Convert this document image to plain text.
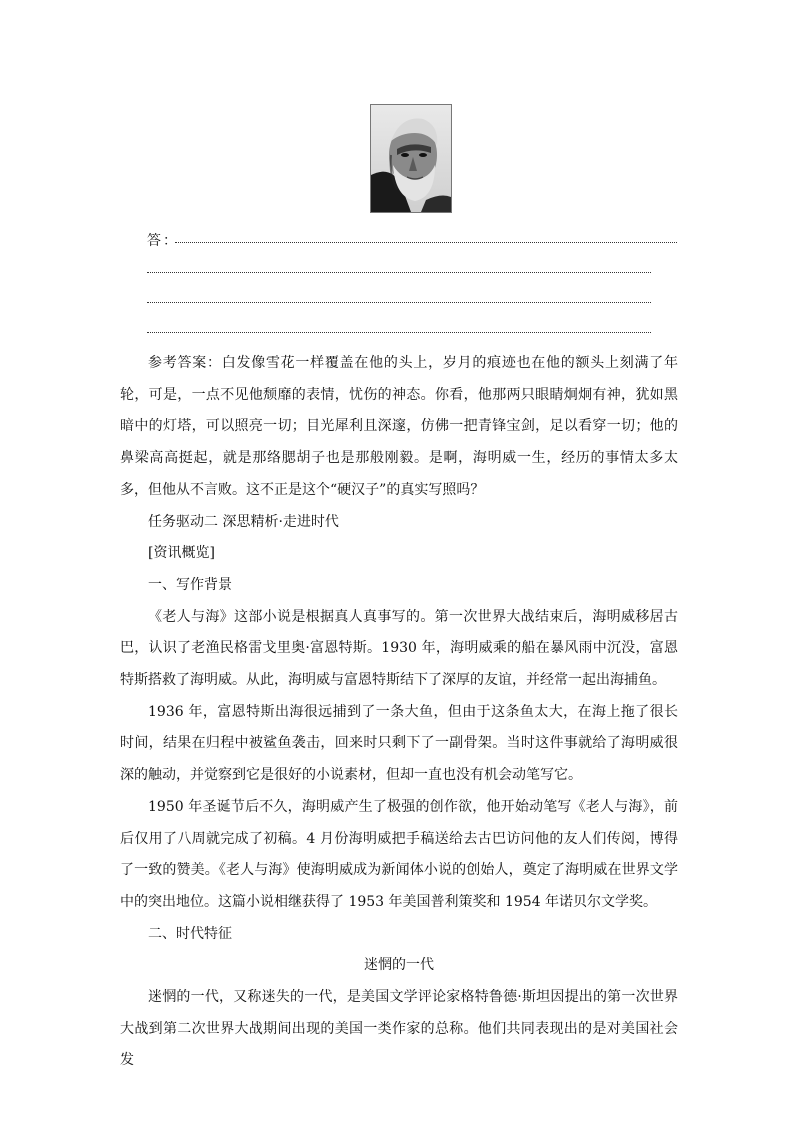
答：

参考答案：白发像雪花一样覆盖在他的头上，岁月的痕迹也在他的额头上刻满了年轮，可是，一点不见他颓靡的表情，忧伤的神态。你看，他那两只眼睛炯炯有神，犹如黑暗中的灯塔，可以照亮一切；目光犀利且深邃，仿佛一把青锋宝剑，足以看穿一切；他的鼻梁高高挺起，就是那络腮胡子也是那般刚毅。是啊，海明威一生，经历的事情太多太多，但他从不言败。这不正是这个“硬汉子”的真实写照吗？

任务驱动二 深思精析·走进时代

[资讯概览]

一、写作背景

《老人与海》这部小说是根据真人真事写的。第一次世界大战结束后，海明威移居古巴，认识了老渔民格雷戈里奥·富恩特斯。1930 年，海明威乘的船在暴风雨中沉没，富恩特斯搭救了海明威。从此，海明威与富恩特斯结下了深厚的友谊，并经常一起出海捕鱼。

1936 年，富恩特斯出海很远捕到了一条大鱼，但由于这条鱼太大，在海上拖了很长时间，结果在归程中被鲨鱼袭击，回来时只剩下了一副骨架。当时这件事就给了海明威很深的触动，并觉察到它是很好的小说素材，但却一直也没有机会动笔写它。

1950 年圣诞节后不久，海明威产生了极强的创作欲，他开始动笔写《老人与海》，前后仅用了八周就完成了初稿。4 月份海明威把手稿送给去古巴访问他的友人们传阅，博得了一致的赞美。《老人与海》使海明威成为新闻体小说的创始人，奠定了海明威在世界文学中的突出地位。这篇小说相继获得了 1953 年美国普利策奖和 1954 年诺贝尔文学奖。

二、时代特征

迷惘的一代

迷惘的一代，又称迷失的一代，是美国文学评论家格特鲁德·斯坦因提出的第一次世界大战到第二次世界大战期间出现的美国一类作家的总称。他们共同表现出的是对美国社会发
